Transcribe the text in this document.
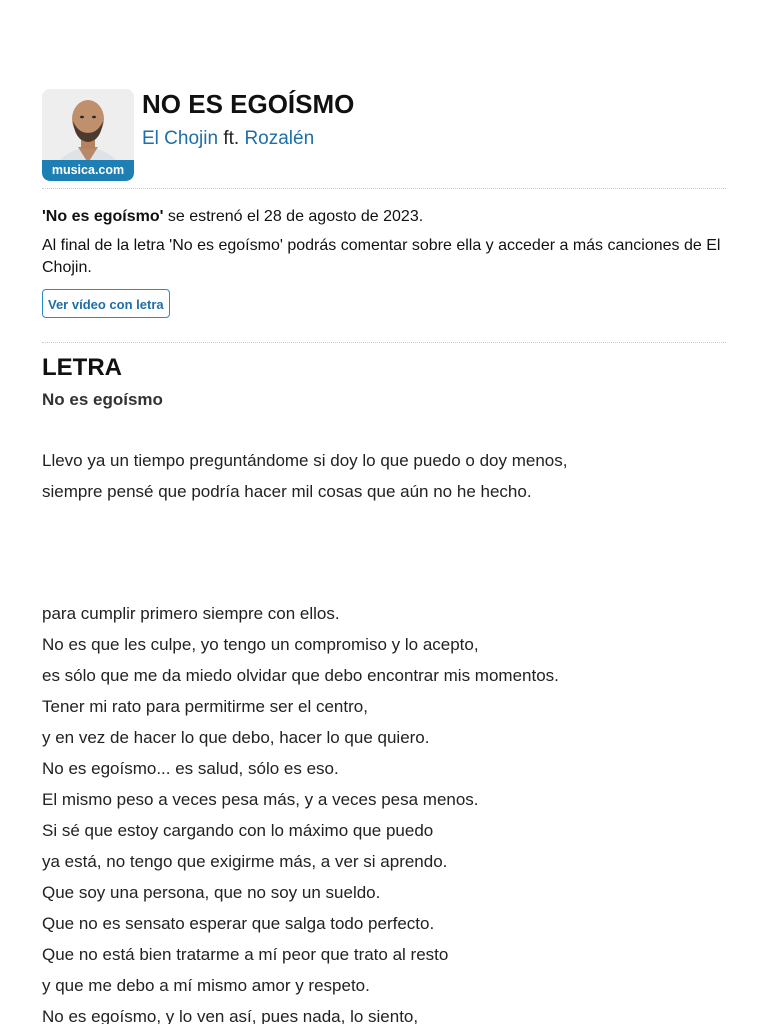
musica.com
NO ES EGOÍSMO
El Chojin ft. Rozalén

'No es egoísmo' se estrenó el 28 de agosto de 2023.

Al final de la letra 'No es egoísmo' podrás comentar sobre ella y acceder a más canciones de El Chojin.

Ver vídeo con letra
LETRA
No es egoísmo
Llevo ya un tiempo preguntándome si doy lo que puedo o doy menos,
siempre pensé que podría hacer mil cosas que aún no he hecho.
para cumplir primero siempre con ellos.
No es que les culpe, yo tengo un compromiso y lo acepto,
es sólo que me da miedo olvidar que debo encontrar mis momentos.
Tener mi rato para permitirme ser el centro,
y en vez de hacer lo que debo, hacer lo que quiero.
No es egoísmo... es salud, sólo es eso.
El mismo peso a veces pesa más, y a veces pesa menos.
Si sé que estoy cargando con lo máximo que puedo
ya está, no tengo que exigirme más, a ver si aprendo.
Que soy una persona, que no soy un sueldo.
Que no es sensato esperar que salga todo perfecto.
Que no está bien tratarme a mí peor que trato al resto
y que me debo a mí mismo amor y respeto.
No es egoísmo, y lo ven así, pues nada, lo siento,
